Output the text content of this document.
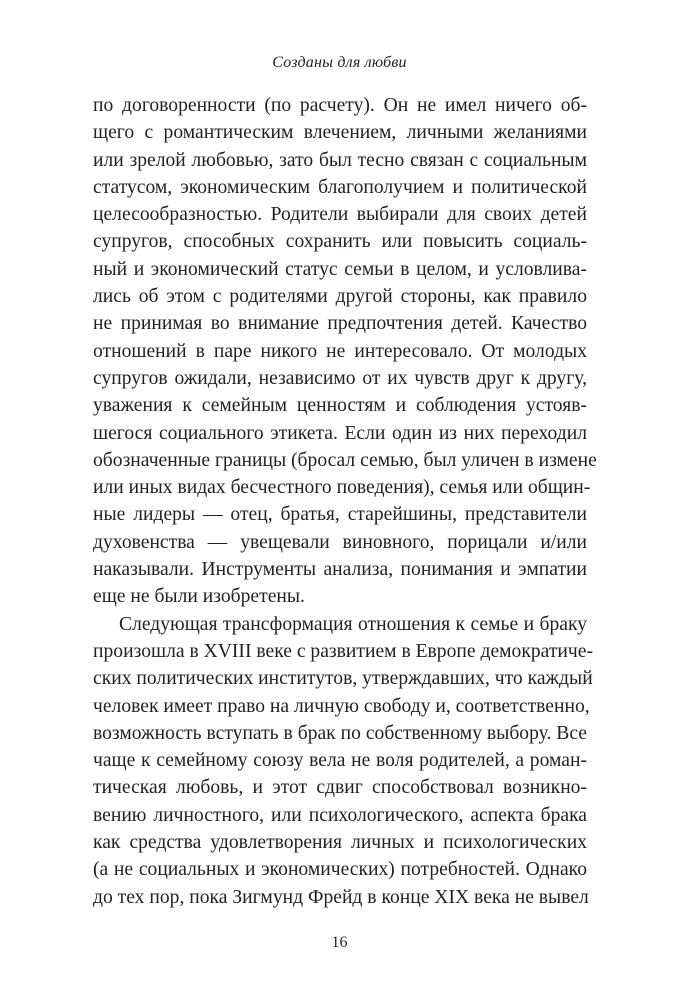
Созданы для любви
по договоренности (по расчету). Он не имел ничего об-
щего с романтическим влечением, личными желаниями
или зрелой любовью, зато был тесно связан с социальным
статусом, экономическим благополучием и политической
целесообразностью. Родители выбирали для своих детей
супругов, способных сохранить или повысить социаль-
ный и экономический статус семьи в целом, и условлива-
лись об этом с родителями другой стороны, как правило
не принимая во внимание предпочтения детей. Качество
отношений в паре никого не интересовало. От молодых
супругов ожидали, независимо от их чувств друг к другу,
уважения к семейным ценностям и соблюдения устояв-
шегося социального этикета. Если один из них переходил
обозначенные границы (бросал семью, был уличен в измене
или иных видах бесчестного поведения), семья или общин-
ные лидеры — отец, братья, старейшины, представители
духовенства — увещевали виновного, порицали и/или
наказывали. Инструменты анализа, понимания и эмпатии
еще не были изобретены.
Следующая трансформация отношения к семье и браку
произошла в XVIII веке с развитием в Европе демократиче-
ских политических институтов, утверждавших, что каждый
человек имеет право на личную свободу и, соответственно,
возможность вступать в брак по собственному выбору. Все
чаще к семейному союзу вела не воля родителей, а роман-
тическая любовь, и этот сдвиг способствовал возникно-
вению личностного, или психологического, аспекта брака
как средства удовлетворения личных и психологических
(а не социальных и экономических) потребностей. Однако
до тех пор, пока Зигмунд Фрейд в конце XIX века не вывел
16
